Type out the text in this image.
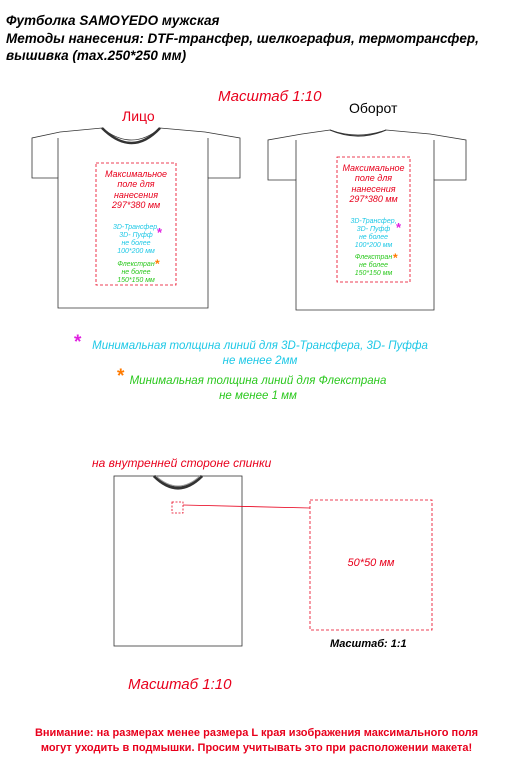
Футболка SAMOYEDO мужская
Методы нанесения: DTF-трансфер, шелкография, термотрансфер,
вышивка (max.250*250 мм)
Масштаб 1:10
Лицо	Оборот
Максимальное
поле для
нанесения
297*380 мм
3D-Трансфер,
3D- Пуфф
не более
100*200 мм
*
Флекстран
не более
150*150 мм
*
Максимальное
поле для
нанесения
297*380 мм
3D-Трансфер,
3D- Пуфф
не более
100*200 мм
*
Флекстран
не более
150*150 мм
*
* Минимальная толщина линий для 3D-Трансфера, 3D- Пуффа
не менее 2мм
* Минимальная толщина линий для Флекстрана
не менее 1 мм
на внутренней стороне спинки
50*50 мм
Масштаб: 1:1
Масштаб 1:10
Внимание: на размерах менее размера L края изображения максимального поля
могут уходить в подмышки. Просим учитывать это при расположении макета!
